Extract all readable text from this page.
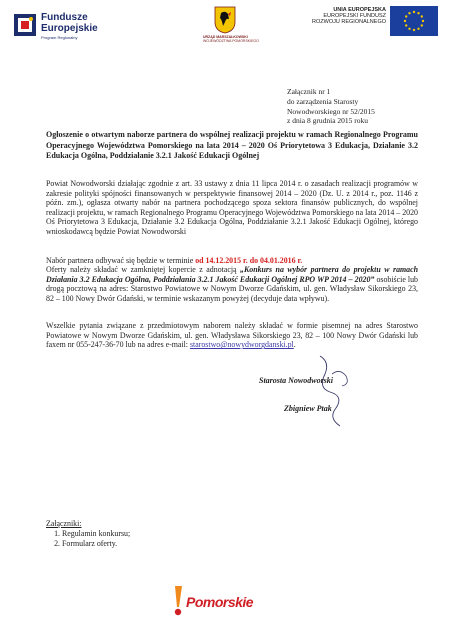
Fundusze
Europejskie
Program Regionalny	URZĄD MARSZAŁKOWSKI
WOJEWÓDZTWA POMORSKIEGO
UNIA EUROPEJSKA
EUROPEJSKI FUNDUSZ
ROZWOJU REGIONALNEGO
Załącznik nr 1
do zarządzenia Starosty
Nowodworskiego nr 52/2015
z dnia 8 grudnia 2015 roku
Ogłoszenie o otwartym naborze partnera do wspólnej realizacji projektu w ramach Regionalnego Programu Operacyjnego Województwa Pomorskiego na lata 2014 – 2020 Oś Priorytetowa 3 Edukacja, Działanie 3.2 Edukacja Ogólna, Poddziałanie 3.2.1 Jakość Edukacji Ogólnej
Powiat Nowodworski działając zgodnie z art. 33 ustawy z dnia 11 lipca 2014 r. o zasadach realizacji programów w zakresie polityki spójności finansowanych w perspektywie finansowej 2014 – 2020 (Dz. U. z 2014 r., poz. 1146 z późn. zm.), ogłasza otwarty nabór na partnera pochodzącego spoza sektora finansów publicznych, do wspólnej realizacji projektu, w ramach Regionalnego Programu Operacyjnego Województwa Pomorskiego na lata 2014 – 2020 Oś Priorytetowa 3 Edukacja, Działanie 3.2 Edukacja Ogólna, Poddziałanie 3.2.1 Jakość Edukacji Ogólnej, którego wnioskodawcą będzie Powiat Nowodworski
Nabór partnera odbywać się będzie w terminie od 14.12.2015 r. do 04.01.2016 r.
Oferty należy składać w zamkniętej kopercie z adnotacją „Konkurs na wybór partnera do projektu w ramach Działania 3.2 Edukacja Ogólna, Poddziałania 3.2.1 Jakość Edukacji Ogólnej RPO WP 2014 – 2020” osobiście lub drogą pocztową na adres: Starostwo Powiatowe w Nowym Dworze Gdańskim, ul. gen. Władysław Sikorskiego 23, 82 – 100 Nowy Dwór Gdański, w terminie wskazanym powyżej (decyduje data wpływu).
Wszelkie pytania związane z przedmiotowym naborem należy składać w formie pisemnej na adres Starostwo Powiatowe w Nowym Dworze Gdańskim, ul. gen. Władysława Sikorskiego 23, 82 – 100 Nowy Dwór Gdański lub faxem nr 055-247-36-70 lub na adres e-mail: starostwo@nowydworgdanski.pl.
Starosta Nowodworski
Zbigniew Ptak
Załączniki:
1. Regulamin konkursu;
2. Formularz oferty.
Pomorskie
